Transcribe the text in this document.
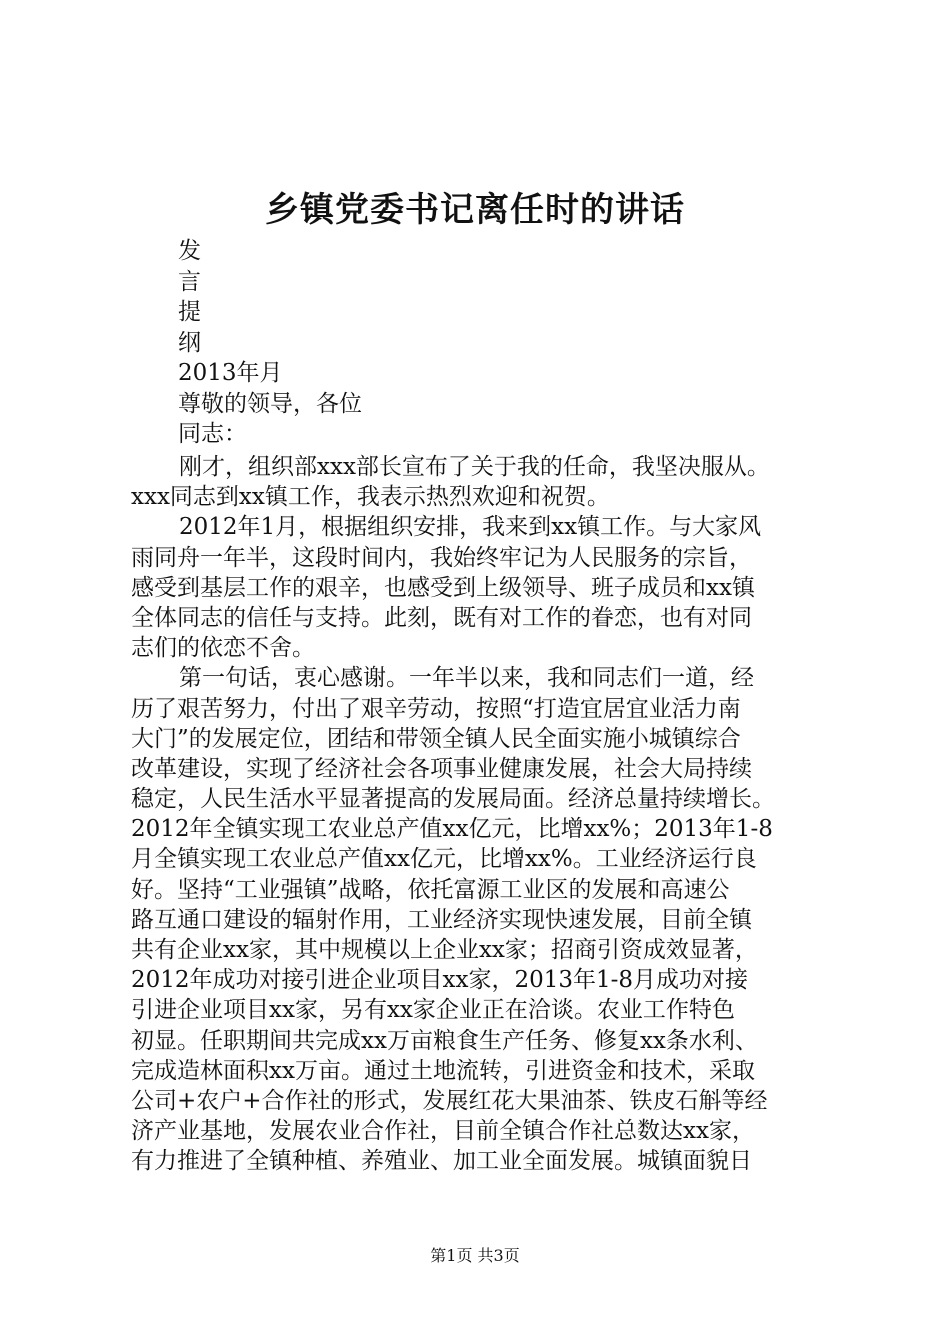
乡镇党委书记离任时的讲话
发
言
提
纲
2013年月
尊敬的领导，各位
同志：
刚才，组织部xxx部长宣布了关于我的任命，我坚决服从。
xxx同志到xx镇工作，我表示热烈欢迎和祝贺。
2012年1月，根据组织安排，我来到xx镇工作。与大家风
雨同舟一年半，这段时间内，我始终牢记为人民服务的宗旨，
感受到基层工作的艰辛，也感受到上级领导、班子成员和xx镇
全体同志的信任与支持。此刻，既有对工作的眷恋，也有对同
志们的依恋不舍。
第一句话，衷心感谢。一年半以来，我和同志们一道，经
历了艰苦努力，付出了艰辛劳动，按照“打造宜居宜业活力南
大门”的发展定位，团结和带领全镇人民全面实施小城镇综合
改革建设，实现了经济社会各项事业健康发展，社会大局持续
稳定，人民生活水平显著提高的发展局面。经济总量持续增长。
2012年全镇实现工农业总产值xx亿元，比增xx%；2013年1-8
月全镇实现工农业总产值xx亿元，比增xx%。工业经济运行良
好。坚持“工业强镇”战略，依托富源工业区的发展和高速公
路互通口建设的辐射作用，工业经济实现快速发展，目前全镇
共有企业xx家，其中规模以上企业xx家；招商引资成效显著，
2012年成功对接引进企业项目xx家，2013年1-8月成功对接
引进企业项目xx家，另有xx家企业正在洽谈。农业工作特色
初显。任职期间共完成xx万亩粮食生产任务、修复xx条水利、
完成造林面积xx万亩。通过土地流转，引进资金和技术，采取
公司+农户+合作社的形式，发展红花大果油茶、铁皮石斛等经
济产业基地，发展农业合作社，目前全镇合作社总数达xx家，
有力推进了全镇种植、养殖业、加工业全面发展。城镇面貌日
第1页 共3页
